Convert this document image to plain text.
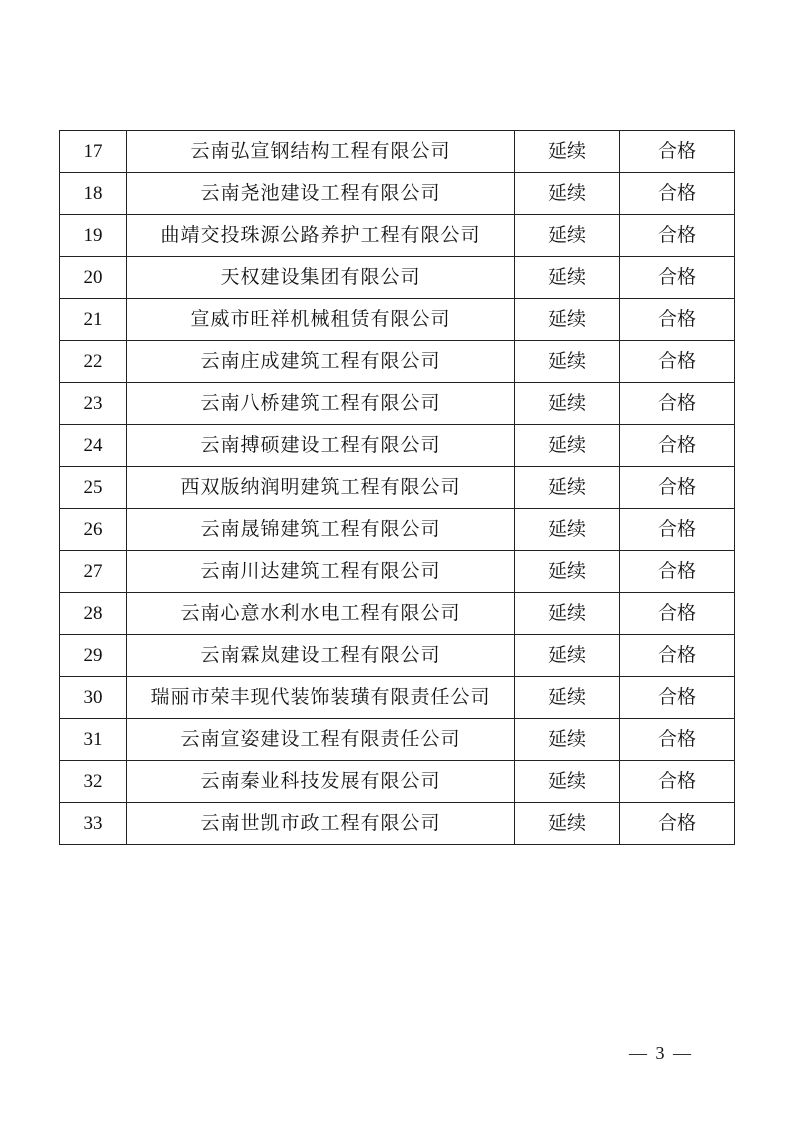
17	云南弘宣钢结构工程有限公司	延续	合格
18	云南尧池建设工程有限公司	延续	合格
19	曲靖交投珠源公路养护工程有限公司	延续	合格
20	天权建设集团有限公司	延续	合格
21	宣威市旺祥机械租赁有限公司	延续	合格
22	云南庄成建筑工程有限公司	延续	合格
23	云南八桥建筑工程有限公司	延续	合格
24	云南搏硕建设工程有限公司	延续	合格
25	西双版纳润明建筑工程有限公司	延续	合格
26	云南晟锦建筑工程有限公司	延续	合格
27	云南川达建筑工程有限公司	延续	合格
28	云南心意水利水电工程有限公司	延续	合格
29	云南霖岚建设工程有限公司	延续	合格
30	瑞丽市荣丰现代装饰装璜有限责任公司	延续	合格
31	云南宣姿建设工程有限责任公司	延续	合格
32	云南秦业科技发展有限公司	延续	合格
33	云南世凯市政工程有限公司	延续	合格
— 3 —
